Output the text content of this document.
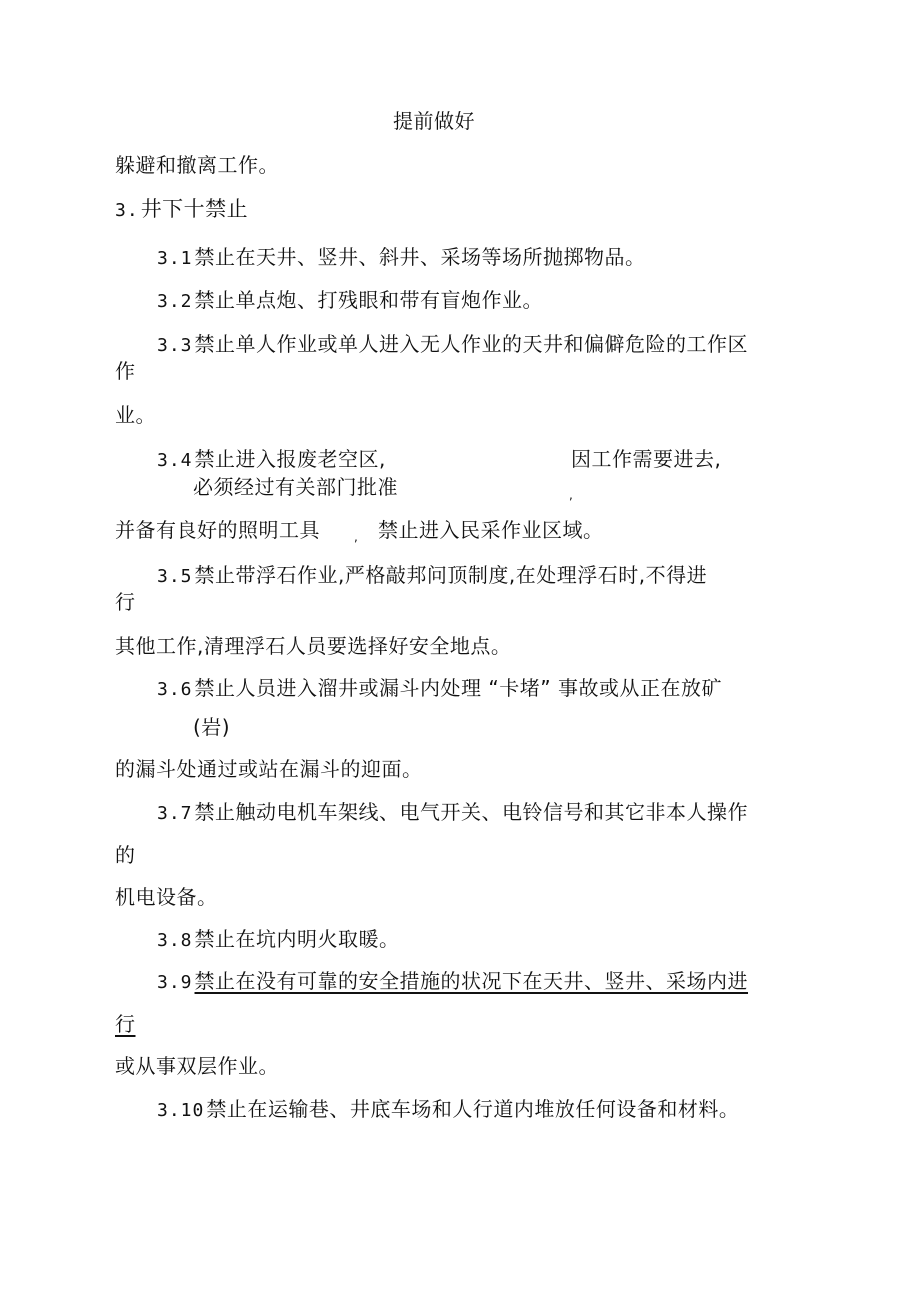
提前做好
躲避和撤离工作。
3.井下十禁止
3.1 禁止在天井、竖井、斜井、采场等场所抛掷物品。
3.2 禁止单点炮、打残眼和带有盲炮作业。
3.3 禁止单人作业或单人进入无人作业的天井和偏僻危险的工作区
作
业。
3.4 禁止进入报废老空区,	因工作需要进去,
必须经过有关部门批准	,
并备有良好的照明工具	, 禁止进入民采作业区域。
3.5 禁止带浮石作业,严格敲邦问顶制度,在处理浮石时,不得进
行
其他工作,清理浮石人员要选择好安全地点。
3.6 禁止人员进入溜井或漏斗内处理 “卡堵” 事故或从正在放矿
(岩)
的漏斗处通过或站在漏斗的迎面。
3.7 禁止触动电机车架线、电气开关、电铃信号和其它非本人操作
的
机电设备。
3.8 禁止在坑内明火取暖。
3.9 禁止在没有可靠的安全措施的状况下在天井、竖井、采场内进
行
或从事双层作业。
3.10 禁止在运输巷、井底车场和人行道内堆放任何设备和材料。
